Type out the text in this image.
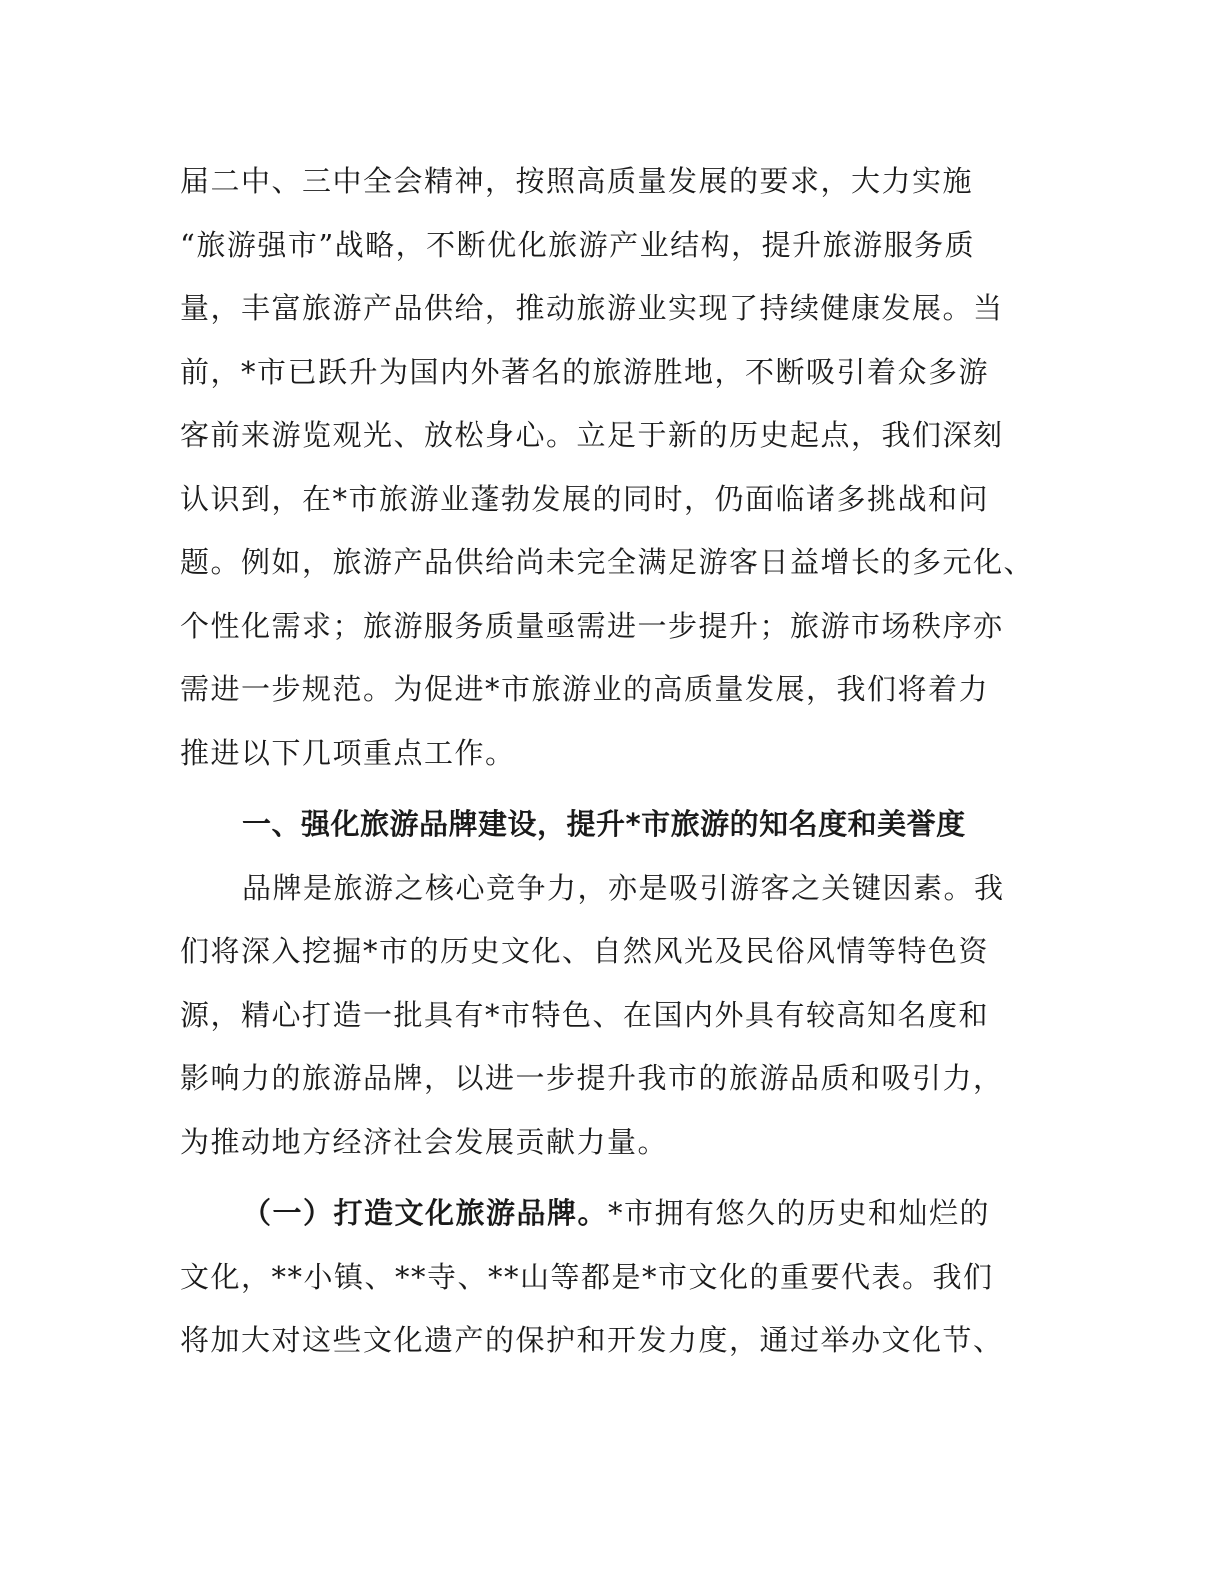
届二中、三中全会精神，按照高质量发展的要求，大力实施
“旅游强市”战略，不断优化旅游产业结构，提升旅游服务质
量，丰富旅游产品供给，推动旅游业实现了持续健康发展。当
前，*市已跃升为国内外著名的旅游胜地，不断吸引着众多游
客前来游览观光、放松身心。立足于新的历史起点，我们深刻
认识到，在*市旅游业蓬勃发展的同时，仍面临诸多挑战和问
题。例如，旅游产品供给尚未完全满足游客日益增长的多元化、
个性化需求；旅游服务质量亟需进一步提升；旅游市场秩序亦
需进一步规范。为促进*市旅游业的高质量发展，我们将着力
推进以下几项重点工作。
一、强化旅游品牌建设，提升*市旅游的知名度和美誉度
品牌是旅游之核心竞争力，亦是吸引游客之关键因素。我
们将深入挖掘*市的历史文化、自然风光及民俗风情等特色资
源，精心打造一批具有*市特色、在国内外具有较高知名度和
影响力的旅游品牌，以进一步提升我市的旅游品质和吸引力，
为推动地方经济社会发展贡献力量。
（一）打造文化旅游品牌。*市拥有悠久的历史和灿烂的
文化，**小镇、**寺、**山等都是*市文化的重要代表。我们
将加大对这些文化遗产的保护和开发力度，通过举办文化节、
